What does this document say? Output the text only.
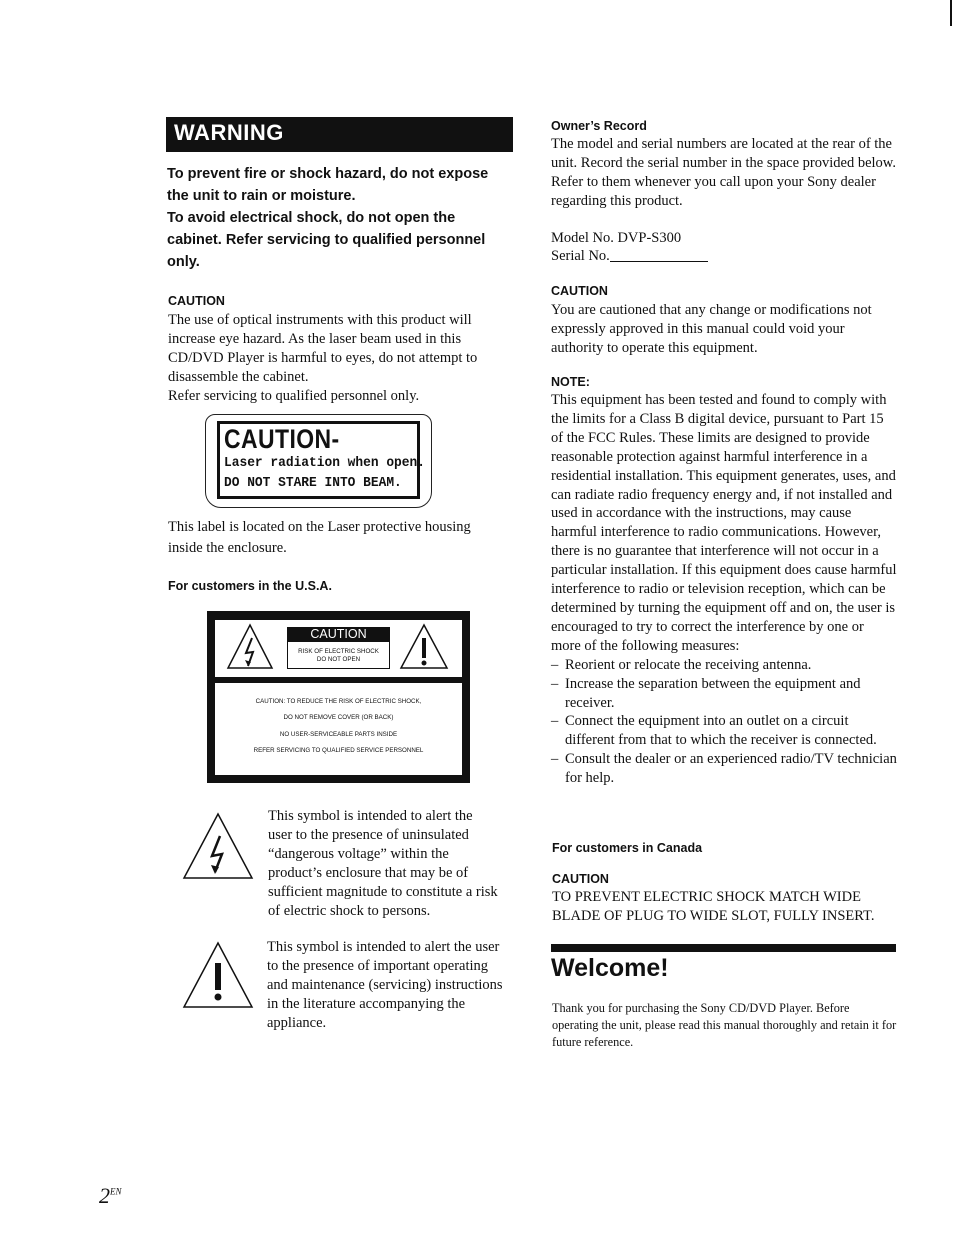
WARNING

To prevent fire or shock hazard, do not expose the unit to rain or moisture.

To avoid electrical shock, do not open the cabinet. Refer servicing to qualified personnel only.

CAUTION

The use of optical instruments with this product will increase eye hazard. As the laser beam used in this CD/DVD Player is harmful to eyes, do not attempt to disassemble the cabinet.

Refer servicing to qualified personnel only.

CAUTION-
Laser radiation when open.
DO NOT STARE INTO BEAM.
This label is located on the Laser protective housing inside the enclosure.
For customers in the U.S.A.
CAUTION
RISK OF ELECTRIC SHOCK
DO NOT OPEN
CAUTION: TO REDUCE THE RISK OF ELECTRIC SHOCK,
DO NOT REMOVE COVER (OR BACK)
NO USER-SERVICEABLE PARTS INSIDE
REFER SERVICING TO QUALIFIED SERVICE PERSONNEL
This symbol is intended to alert the user to the presence of uninsulated “dangerous voltage” within the product’s enclosure that may be of sufficient magnitude to constitute a risk of electric shock to persons.
This symbol is intended to alert the user to the presence of important operating and maintenance (servicing) instructions in the literature accompanying the appliance.
Owner’s Record
The model and serial numbers are located at the rear of the unit. Record the serial number in the space provided below. Refer to them whenever you call upon your Sony dealer regarding this product.
Model No. DVP-S300
Serial No.
CAUTION
You are cautioned that any change or modifications not expressly approved in this manual could void your authority to operate this equipment.
NOTE:

This equipment has been tested and found to comply with the limits for a Class B digital device, pursuant to Part 15 of the FCC Rules. These limits are designed to provide reasonable protection against harmful interference in a residential installation. This equipment generates, uses, and can radiate radio frequency energy and, if not installed and used in accordance with the instructions, may cause harmful interference to radio communications. However, there is no guarantee that interference will not occur in a particular installation. If this equipment does cause harmful interference to radio or television reception, which can be determined by turning the equipment off and on, the user is encouraged to try to correct the interference by one or more of the following measures:

– Reorient or relocate the receiving antenna.
– Increase the separation between the equipment and receiver.
– Connect the equipment into an outlet on a circuit different from that to which the receiver is connected.
– Consult the dealer or an experienced radio/TV technician for help.
For customers in Canada
CAUTION
TO PREVENT ELECTRIC SHOCK MATCH WIDE BLADE OF PLUG TO WIDE SLOT, FULLY INSERT.
Welcome!
Thank you for purchasing the Sony CD/DVD Player. Before operating the unit, please read this manual thoroughly and retain it for future reference.
$2^{EN}$
